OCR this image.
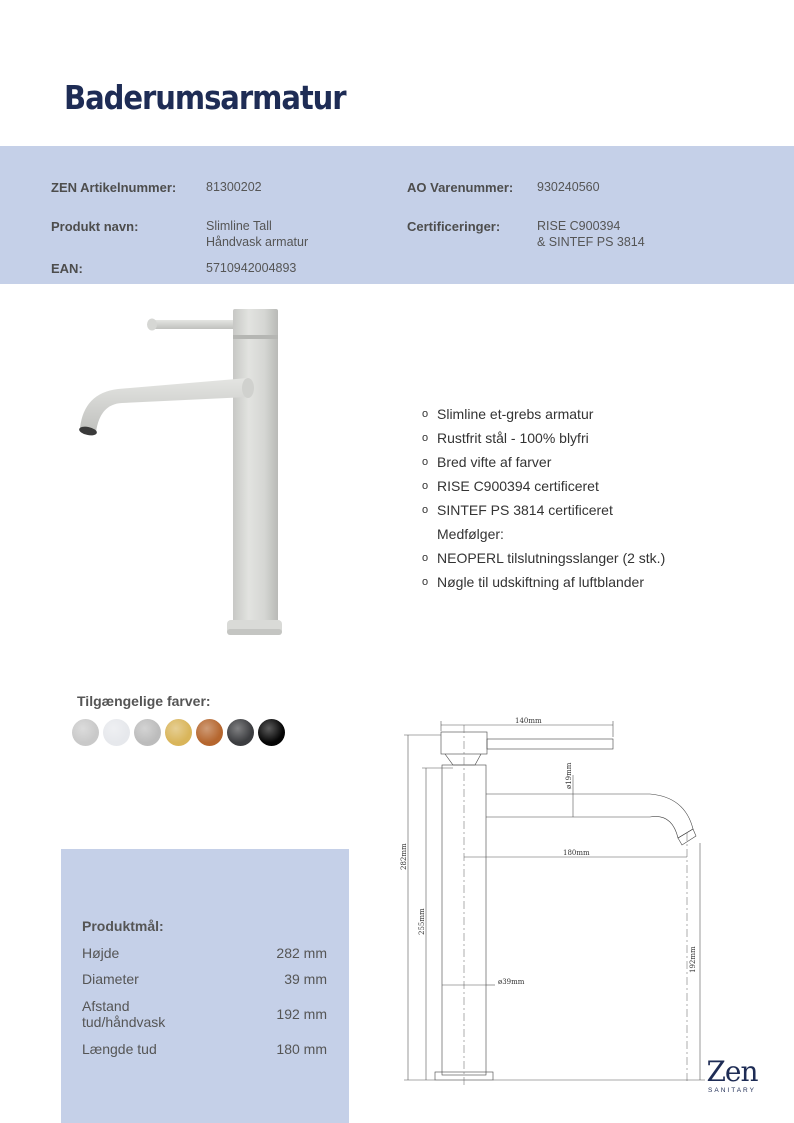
Baderumsarmatur
ZEN Artikelnummer: 81300202	AO Varenummer: 930240560
Produkt navn:	Slimline Tall
Håndvask armatur
Certificeringer:	RISE C900394
& SINTEF PS 3814
EAN:	5710942004893
o Slimline et-grebs armatur
o Rustfrit stål - 100% blyfri
o Bred vifte af farver
o RISE C900394 certificeret
o SINTEF PS 3814 certificeret
Medfølger:
o NEOPERL tilslutningsslanger (2 stk.)
o Nøgle til udskiftning af luftblander
Tilgængelige farver:
Produktmål:
Højde	282 mm
Diameter	39 mm
Afstand tud/håndvask	192 mm
Længde tud	180 mm
140mm
ø19mm
282mm
255mm
180mm
192mm
ø39mm
Zen
SANITARY
